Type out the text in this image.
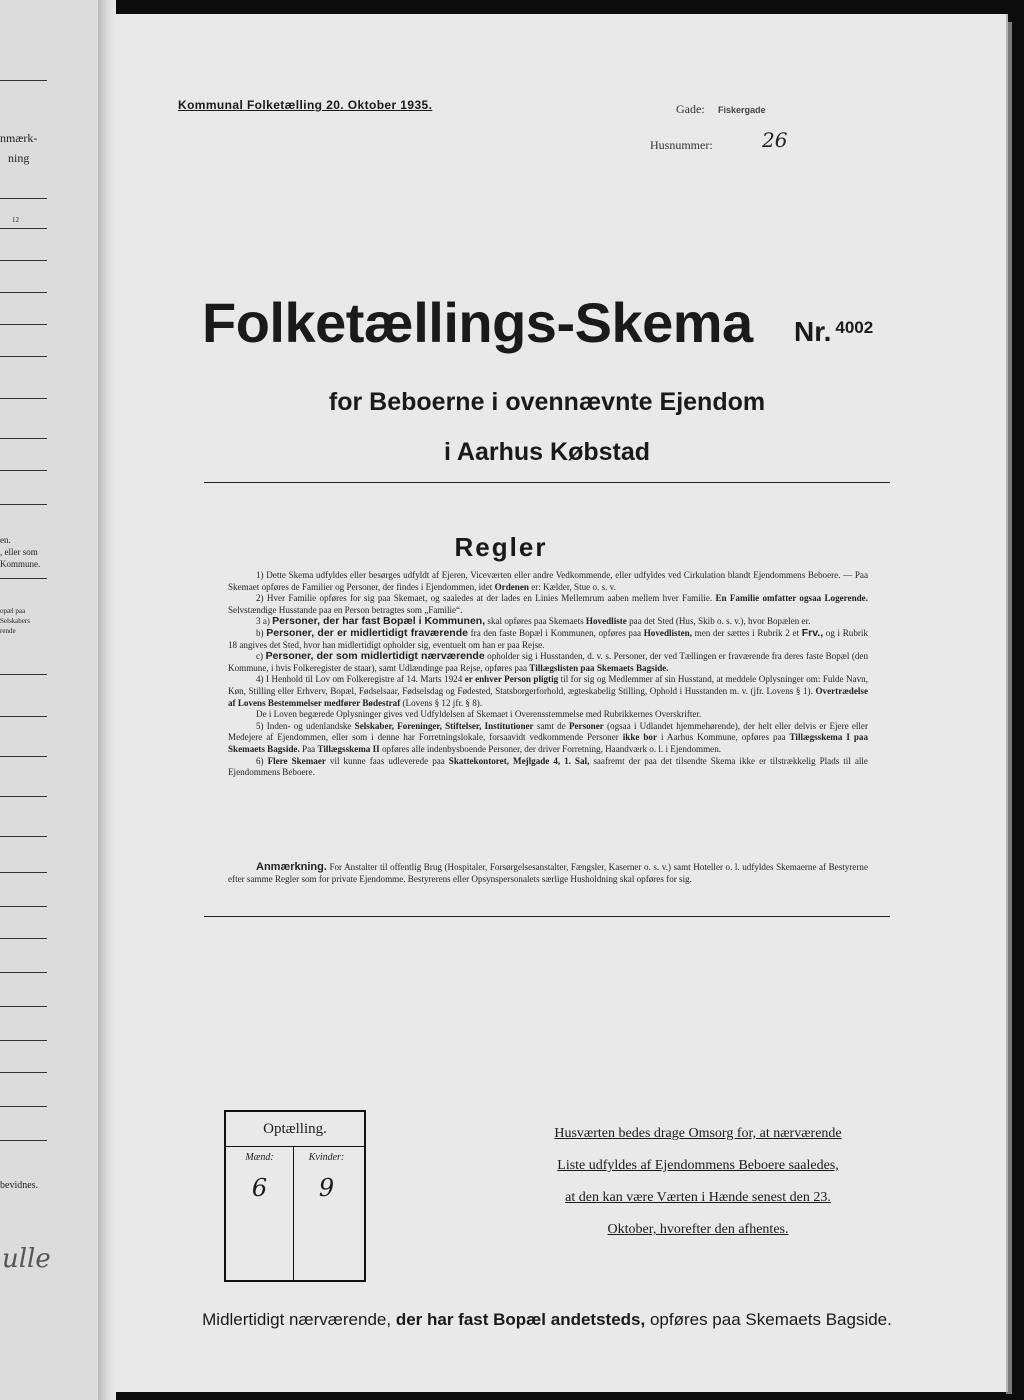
nmærk-
ning
12
en.
, eller som
Kommune.
opæl paa
Selskabers
rende
bevidnes.
ulle
Kommunal Folketælling 20. Oktober 1935.	Gade: Fiskergade
Husnummer: 26
Folketællings-Skema Nr. $^{4002}$
for Beboerne i ovennævnte Ejendom
i Aarhus Købstad
Regler

1) Dette Skema udfyldes eller besørges udfyldt af Ejeren, Viceværten eller andre Vedkommende, eller udfyldes ved Cirkulation blandt Ejendommens Beboere. — Paa Skemaet opføres de Familier og Personer, der findes i Ejendommen, idet Ordenen er: Kælder, Stue o. s. v.

2) Hver Familie opføres for sig paa Skemaet, og saaledes at der lades en Linies Mellemrum aaben mellem hver Familie. En Familie omfatter ogsaa Logerende. Selvstændige Husstande paa en Person betragtes som „Familie“.

3 a) Personer, der har fast Bopæl i Kommunen, skal opføres paa Skemaets Hovedliste paa det Sted (Hus, Skib o. s. v.), hvor Bopælen er.

b) Personer, der er midlertidigt fraværende fra den faste Bopæl i Kommunen, opføres paa Hovedlisten, men der sættes i Rubrik 2 et Frv., og i Rubrik 18 angives det Sted, hvor han midlertidigt opholder sig, eventuelt om han er paa Rejse.

c) Personer, der som midlertidigt nærværende opholder sig i Husstanden, d. v. s. Personer, der ved Tællingen er fraværende fra deres faste Bopæl (den Kommune, i hvis Folkeregister de staar), samt Udlændinge paa Rejse, opføres paa Tillægslisten paa Skemaets Bagside.

4) I Henhold til Lov om Folkeregistre af 14. Marts 1924 er enhver Person pligtig til for sig og Medlemmer af sin Husstand, at meddele Oplysninger om: Fulde Navn, Køn, Stilling eller Erhverv, Bopæl, Fødselsaar, Fødselsdag og Fødested, Statsborgerforhold, ægteskabelig Stilling, Ophold i Husstanden m. v. (jfr. Lovens § 1). Overtrædelse af Lovens Bestemmelser medfører Bødestraf (Lovens § 12 jfr. § 8).

De i Loven begærede Oplysninger gives ved Udfyldelsen af Skemaet i Overensstemmelse med Rubrikkernes Overskrifter.

5) Inden- og udenlandske Selskaber, Foreninger, Stiftelser, Institutioner samt de Personer (ogsaa i Udlandet hjemmehørende), der helt eller delvis er Ejere eller Medejere af Ejendommen, eller som i denne har Forretningslokale, forsaavidt vedkommende Personer ikke bor i Aarhus Kommune, opføres paa Tillægsskema I paa Skemaets Bagside. Paa Tillægsskema II opføres alle indenbysboende Personer, der driver Forretning, Haandværk o. l. i Ejendommen.

6) Flere Skemaer vil kunne faas udleverede paa Skattekontoret, Mejlgade 4, 1. Sal, saafremt der paa det tilsendte Skema ikke er tilstrækkelig Plads til alle Ejendommens Beboere.

Anmærkning. For Anstalter til offentlig Brug (Hospitaler, Forsørgelsesanstalter, Fængsler, Kaserner o. s. v.) samt Hoteller o. l. udfyldes Skemaerne af Bestyrerne efter samme Regler som for private Ejendomme. Bestyrerens eller Opsynspersonalets særlige Husholdning skal opføres for sig.
Optælling.
Mænd:	Kvinder:
6	9
Husværten bedes drage Omsorg for, at nærværende
Liste udfyldes af Ejendommens Beboere saaledes,
at den kan være Værten i Hænde senest den 23.
Oktober, hvorefter den afhentes.
Midlertidigt nærværende, der har fast Bopæl andetsteds, opføres paa Skemaets Bagside.
